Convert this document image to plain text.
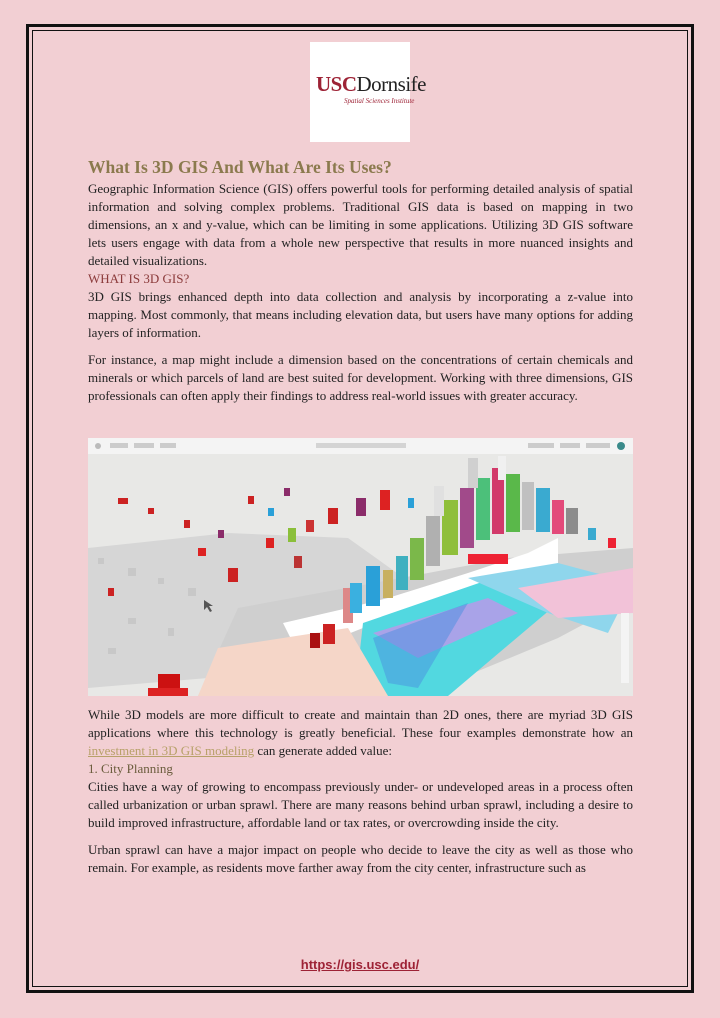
USCDornsife
Spatial Sciences Institute
What Is 3D GIS And What Are Its Uses?

Geographic Information Science (GIS) offers powerful tools for performing detailed analysis of spatial information and solving complex problems. Traditional GIS data is based on mapping in two dimensions, an x and y-value, which can be limiting in some applications. Utilizing 3D GIS software lets users engage with data from a whole new perspective that results in more nuanced insights and detailed visualizations.

WHAT IS 3D GIS?

3D GIS brings enhanced depth into data collection and analysis by incorporating a z-value into mapping. Most commonly, that means including elevation data, but users have many options for adding layers of information.

For instance, a map might include a dimension based on the concentrations of certain chemicals and minerals or which parcels of land are best suited for development. Working with three dimensions, GIS professionals can often apply their findings to address real-world issues with greater accuracy.

While 3D models are more difficult to create and maintain than 2D ones, there are myriad 3D GIS applications where this technology is greatly beneficial. These four examples demonstrate how an investment in 3D GIS modeling can generate added value:

1. City Planning

Cities have a way of growing to encompass previously under- or undeveloped areas in a process often called urbanization or urban sprawl. There are many reasons behind urban sprawl, including a desire to build improved infrastructure, affordable land or tax rates, or overcrowding inside the city.

Urban sprawl can have a major impact on people who decide to leave the city as well as those who remain. For example, as residents move farther away from the city center, infrastructure such as

https://gis.usc.edu/
